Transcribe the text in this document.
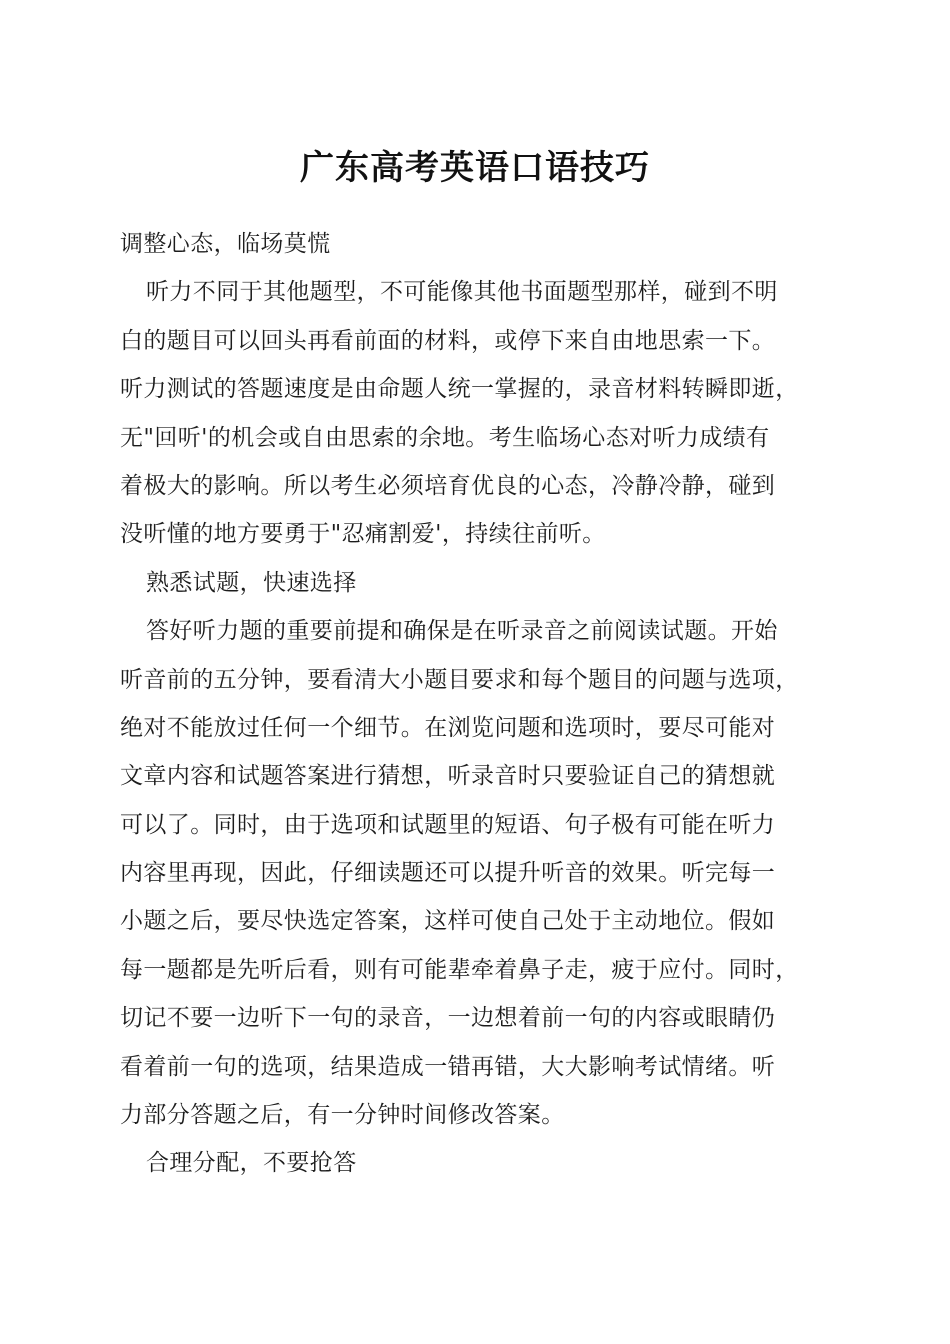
广东高考英语口语技巧
调整心态，临场莫慌
听力不同于其他题型，不可能像其他书面题型那样，碰到不明
白的题目可以回头再看前面的材料，或停下来自由地思索一下。
听力测试的答题速度是由命题人统一掌握的，录音材料转瞬即逝，
无"回听'的机会或自由思索的余地。考生临场心态对听力成绩有
着极大的影响。所以考生必须培育优良的心态，冷静冷静，碰到
没听懂的地方要勇于"忍痛割爱'，持续往前听。
熟悉试题，快速选择
答好听力题的重要前提和确保是在听录音之前阅读试题。开始
听音前的五分钟，要看清大小题目要求和每个题目的问题与选项，
绝对不能放过任何一个细节。在浏览问题和选项时，要尽可能对
文章内容和试题答案进行猜想，听录音时只要验证自己的猜想就
可以了。同时，由于选项和试题里的短语、句子极有可能在听力
内容里再现，因此，仔细读题还可以提升听音的效果。听完每一
小题之后，要尽快选定答案，这样可使自己处于主动地位。假如
每一题都是先听后看，则有可能辈牵着鼻子走，疲于应付。同时，
切记不要一边听下一句的录音，一边想着前一句的内容或眼睛仍
看着前一句的选项，结果造成一错再错，大大影响考试情绪。听
力部分答题之后，有一分钟时间修改答案。
合理分配，不要抢答
